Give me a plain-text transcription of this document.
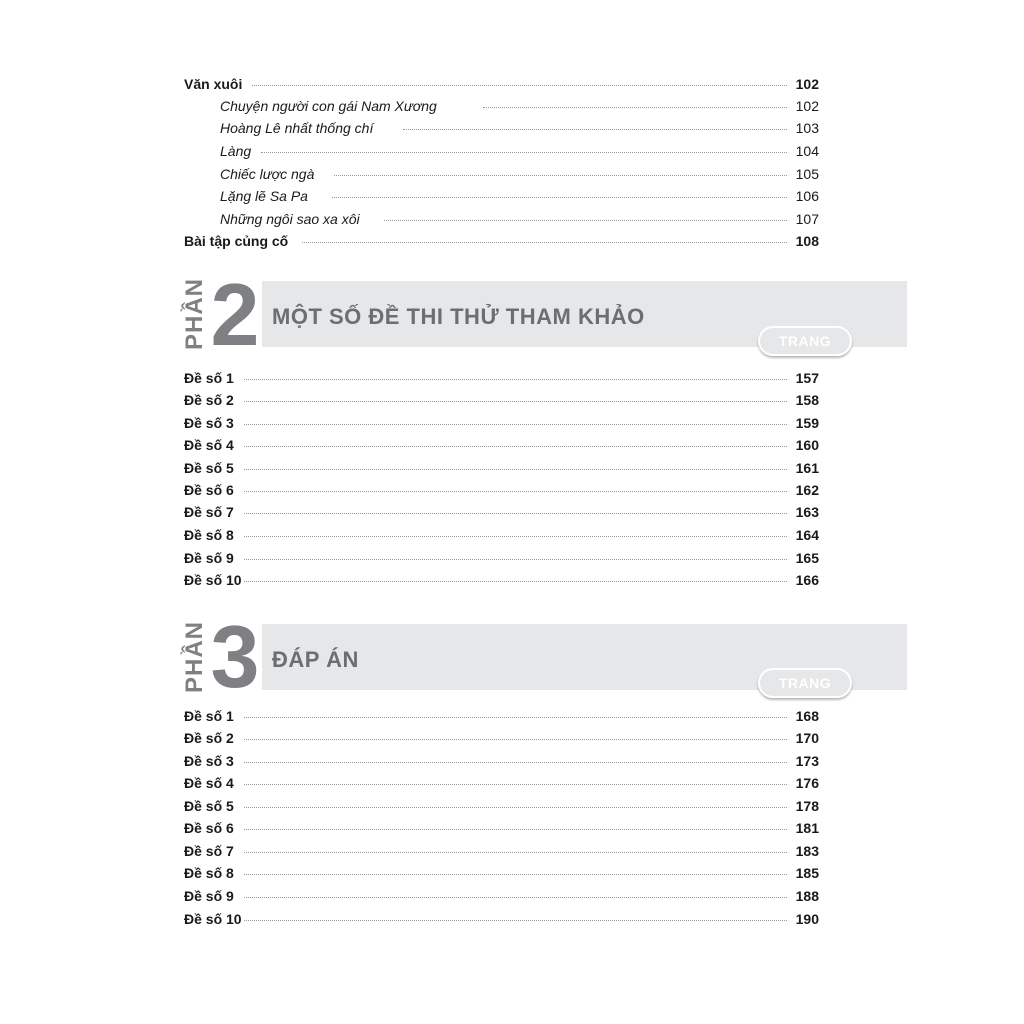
Văn xuôi	102
Chuyện người con gái Nam Xương	102
Hoàng Lê nhất thống chí	103
Làng	104
Chiếc lược ngà	105
Lặng lẽ Sa Pa	106
Những ngôi sao xa xôi	107
Bài tập củng cố	108
PHẦN 2 MỘT SỐ ĐỀ THI THỬ THAM KHẢO
TRANG
Đề số 1	157
Đề số 2	158
Đề số 3	159
Đề số 4	160
Đề số 5	161
Đề số 6	162
Đề số 7	163
Đề số 8	164
Đề số 9	165
Đề số 10	166
PHẦN 3 ĐÁP ÁN
TRANG
Đề số 1	168
Đề số 2	170
Đề số 3	173
Đề số 4	176
Đề số 5	178
Đề số 6	181
Đề số 7	183
Đề số 8	185
Đề số 9	188
Đề số 10	190
